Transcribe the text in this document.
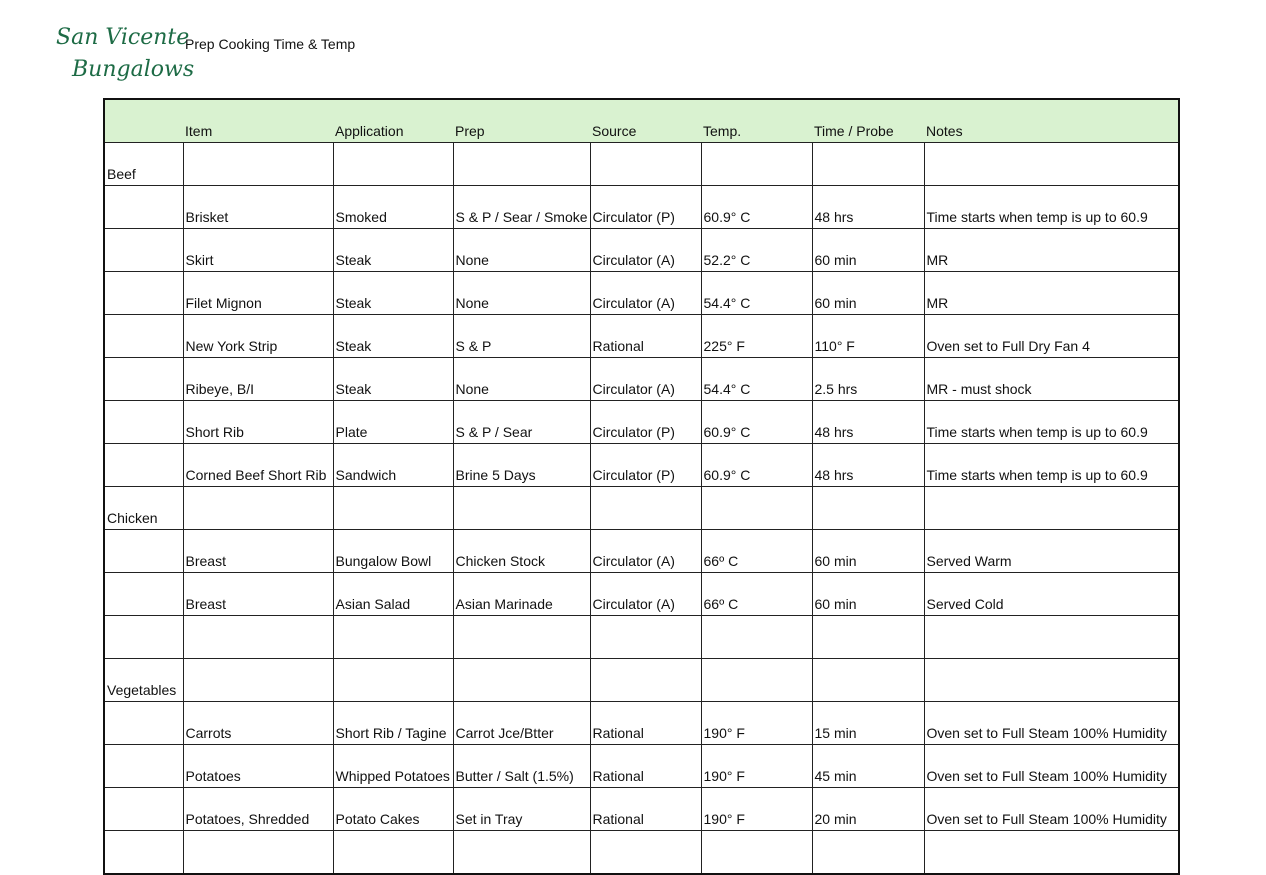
San Vicente
Bungalows
Prep Cooking Time & Temp
	Item	Application	Prep	Source	Temp.	Time / Probe	Notes
Beef							
	Brisket	Smoked	S & P / Sear / Smoke	Circulator (P)	60.9° C	48 hrs	Time starts when temp is up to 60.9
	Skirt	Steak	None	Circulator (A)	52.2° C	60 min	MR
	Filet Mignon	Steak	None	Circulator (A)	54.4° C	60 min	MR
	New York Strip	Steak	S & P	Rational	225° F	110° F	Oven set to Full Dry Fan 4
	Ribeye, B/I	Steak	None	Circulator (A)	54.4° C	2.5 hrs	MR - must shock
	Short Rib	Plate	S & P / Sear	Circulator (P)	60.9° C	48 hrs	Time starts when temp is up to 60.9
	Corned Beef Short Rib	Sandwich	Brine 5 Days	Circulator (P)	60.9° C	48 hrs	Time starts when temp is up to 60.9
Chicken							
	Breast	Bungalow Bowl	Chicken Stock	Circulator (A)	66º C	60 min	Served Warm
	Breast	Asian Salad	Asian Marinade	Circulator (A)	66º C	60 min	Served Cold

Vegetables							
	Carrots	Short Rib / Tagine	Carrot Jce/Btter	Rational	190° F	15 min	Oven set to Full Steam 100% Humidity
	Potatoes	Whipped Potatoes	Butter / Salt (1.5%)	Rational	190° F	45 min	Oven set to Full Steam 100% Humidity
	Potatoes, Shredded	Potato Cakes	Set in Tray	Rational	190° F	20 min	Oven set to Full Steam 100% Humidity
